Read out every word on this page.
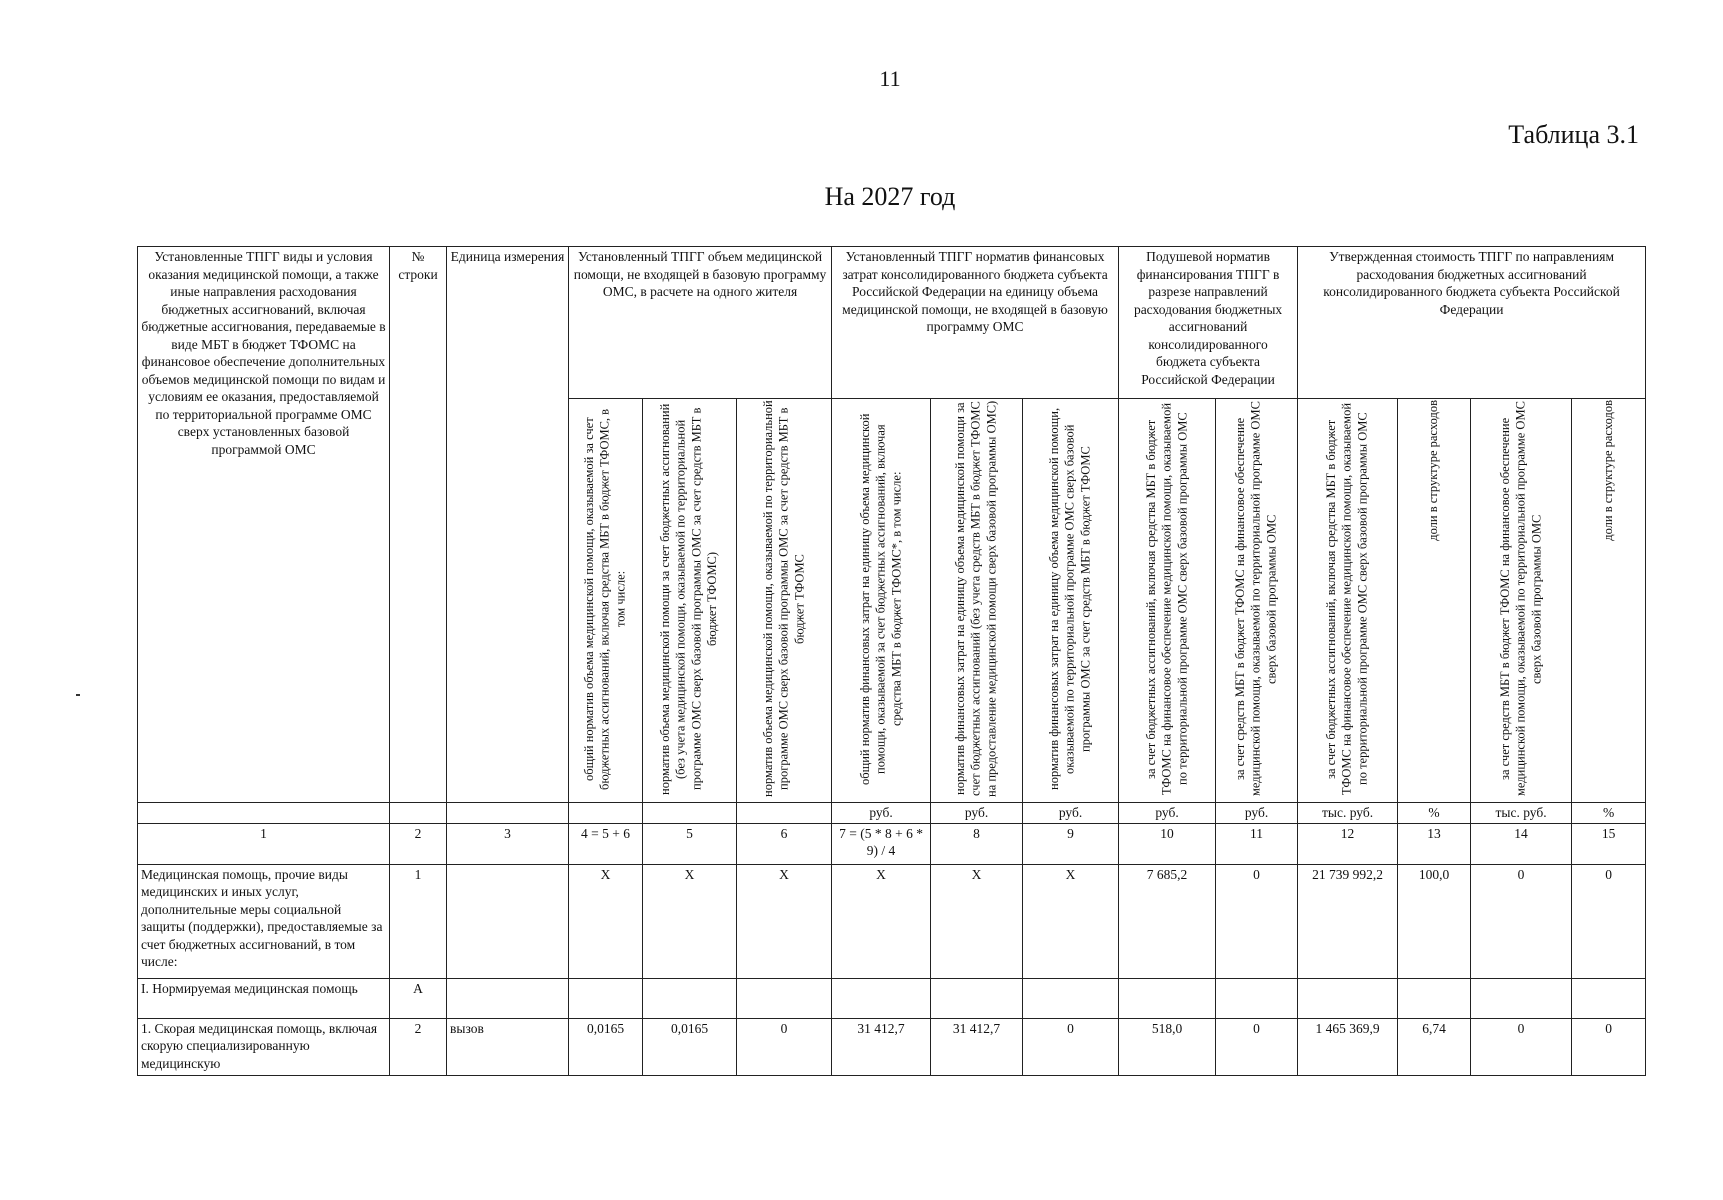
11
Таблица 3.1
На 2027 год
Установленные ТПГГ виды и условия оказания медицинской помощи, а также иные направления расходования бюджетных ассигнований, включая бюджетные ассигнования, передаваемые в виде МБТ в бюджет ТФОМС на финансовое обеспечение дополнительных объемов медицинской помощи по видам и условиям ее оказания, предоставляемой по территориальной программе ОМС сверх установленных базовой программой ОМС	№ строки	Единица измерения	Установленный ТПГГ объем медицинской помощи, не входящей в базовую программу ОМС, в расчете на одного жителя			Установленный ТПГГ норматив финансовых затрат консолидированного бюджета субъекта Российской Федерации на единицу объема медицинской помощи, не входящей в базовую программу ОМС			Подушевой норматив финансирования ТПГГ в разрезе направлений расходования бюджетных ассигнований консолидированного бюджета субъекта Российской Федерации		Утвержденная стоимость ТПГГ по направлениям расходования бюджетных ассигнований консолидированного бюджета субъекта Российской Федерации			

			общий норматив объема медицинской помощи, оказываемой за счет бюджетных ассигнований, включая средства МБТ в бюджет ТФОМС, в том числе:	норматив объема медицинской помощи за счет бюджетных ассигнований (без учета медицинской помощи, оказываемой по территориальной программе ОМС сверх базовой программы ОМС за счет средств МБТ в бюджет ТФОМС)	норматив объема медицинской помощи, оказываемой по территориальной программе ОМС сверх базовой программы ОМС за счет средств МБТ в бюджет ТФОМС	общий норматив финансовых затрат на единицу объема медицинской помощи, оказываемой за счет бюджетных ассигнований, включая средства МБТ в бюджет ТФОМС*, в том числе:	норматив финансовых затрат на единицу объема медицинской помощи за счет бюджетных ассигнований (без учета средств МБТ в бюджет ТФОМС на предоставление медицинской помощи сверх базовой программы ОМС)	норматив финансовых затрат на единицу объема медицинской помощи, оказываемой по территориальной программе ОМС сверх базовой программы ОМС за счет средств МБТ в бюджет ТФОМС	за счет бюджетных ассигнований, включая средства МБТ в бюджет ТФОМС на финансовое обеспечение медицинской помощи, оказываемой по территориальной программе ОМС сверх базовой программы ОМС	за счет средств МБТ в бюджет ТФОМС на финансовое обеспечение медицинской помощи, оказываемой по территориальной программе ОМС сверх базовой программы ОМС	за счет бюджетных ассигнований, включая средства МБТ в бюджет ТФОМС на финансовое обеспечение медицинской помощи, оказываемой по территориальной программе ОМС сверх базовой программы ОМС	доли в структуре расходов	за счет средств МБТ в бюджет ТФОМС на финансовое обеспечение медицинской помощи, оказываемой по территориальной программе ОМС сверх базовой программы ОМС	доли в структуре расходов

						руб.	руб.	руб.	руб.	руб.	тыс. руб.	%	тыс. руб.	%
1	2	3	4 = 5 + 6	5	6	7 = (5 * 8 + 6 * 9) / 4	8	9	10	11	12	13	14	15
Медицинская помощь, прочие виды медицинских и иных услуг, дополнительные меры социальной защиты (поддержки), предоставляемые за счет бюджетных ассигнований, в том числе:	1		Х	Х	Х	Х	Х	Х	7 685,2	0	21 739 992,2	100,0	0	0
I. Нормируемая медицинская помощь	А													
1. Скорая медицинская помощь, включая скорую специализированную медицинскую	2	вызов	0,0165	0,0165	0	31 412,7	31 412,7	0	518,0	0	1 465 369,9	6,74	0	0
